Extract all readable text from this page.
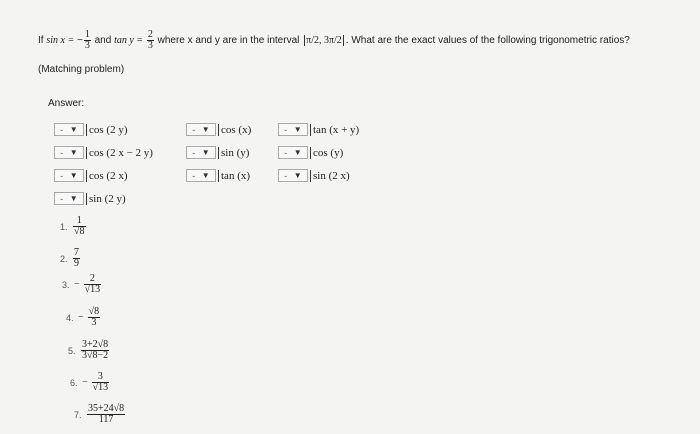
If sin x = − $\frac{1}{3}$ and $\tan y = \frac{2}{3}$ where x and y are in the interval π/2, 3π/2 . What are the exact values of the following trigonometric ratios?
(Matching problem)
Answer:
- ▼ cos (2 y)
- ▼ cos (2 x − 2 y)
- ▼ cos (2 x)
- ▼ sin (2 y)
- ▼ cos (x)
- ▼ sin (y)
- ▼ tan (x)
- ▼ tan (x + y)
- ▼ cos (y)
- ▼ sin (2 x)
1. $\frac{1}{√8}$
2. $\frac{7}{9}$
3. − $\frac{2}{√13}$
4. − $\frac{√8}{3}$
5. $\frac{3+2√8}{3√8-2}$
6. − $\frac{3}{√13}$
7. $\frac{35+24√8}{117}$
